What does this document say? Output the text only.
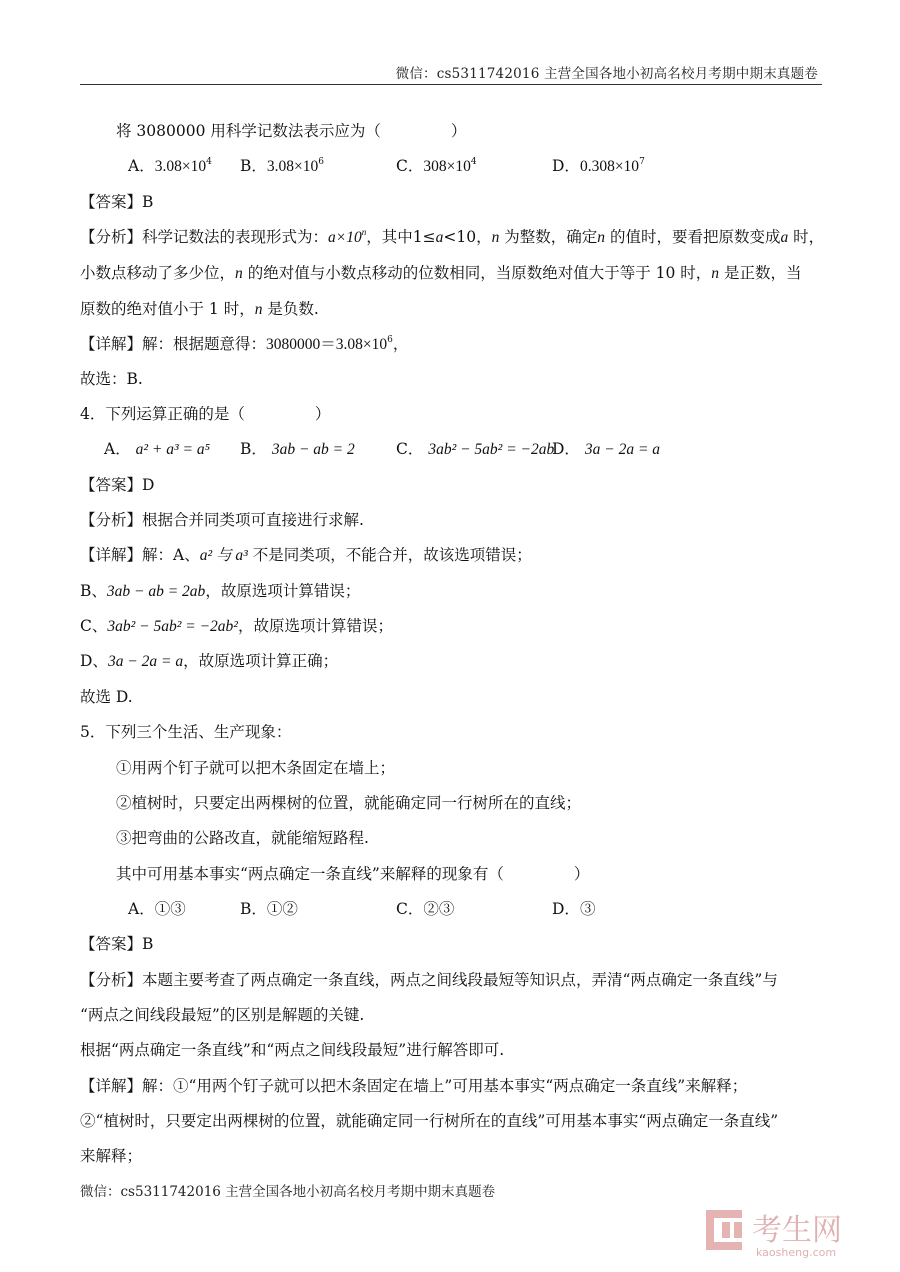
微信：cs5311742016 主营全国各地小初高名校月考期中期末真题卷
将 3080000 用科学记数法表示应为（	）
A．$3.08\times 10^4$ B．$3.08\times 10^6$	C．$308\times 10^4$	D．$0.308\times 10^7$
【答案】B
【分析】科学记数法的表现形式为：$a\times 10^n$，其中1≤a<10，n 为整数，确定n 的值时，要看把原数变成a 时，
小数点移动了多少位，n 的绝对值与小数点移动的位数相同，当原数绝对值大于等于 10 时，n 是正数，当
原数的绝对值小于 1 时，n 是负数.
【详解】解：根据题意得：$3080000=3.08\times 10^6$，
故选：B.
4．下列运算正确的是（	）
A． a² + a³ = a⁵ B． 3ab − ab = 2	C． 3ab² − 5ab² = −2ab
D． 3a − 2a = a
【答案】D
【分析】根据合并同类项可直接进行求解.
【详解】解：A、a² 与 a³ 不是同类项，不能合并，故该选项错误；
B、3ab − ab = 2ab，故原选项计算错误；
C、3ab² − 5ab² = −2ab²，故原选项计算错误；
D、3a − 2a = a，故原选项计算正确；
故选 D.
5．下列三个生活、生产现象：
①用两个钉子就可以把木条固定在墙上；
②植树时，只要定出两棵树的位置，就能确定同一行树所在的直线；
③把弯曲的公路改直，就能缩短路程.
其中可用基本事实“两点确定一条直线”来解释的现象有（	）
A．①③	B．①②	C．②③	D．③
【答案】B
【分析】本题主要考查了两点确定一条直线，两点之间线段最短等知识点，弄清“两点确定一条直线”与
“两点之间线段最短”的区别是解题的关键.
根据“两点确定一条直线”和“两点之间线段最短”进行解答即可.
【详解】解：①“用两个钉子就可以把木条固定在墙上”可用基本事实“两点确定一条直线”来解释；
②“植树时，只要定出两棵树的位置，就能确定同一行树所在的直线”可用基本事实“两点确定一条直线”
来解释；
微信：cs5311742016 主营全国各地小初高名校月考期中期末真题卷
考生网
kaosheng.com
